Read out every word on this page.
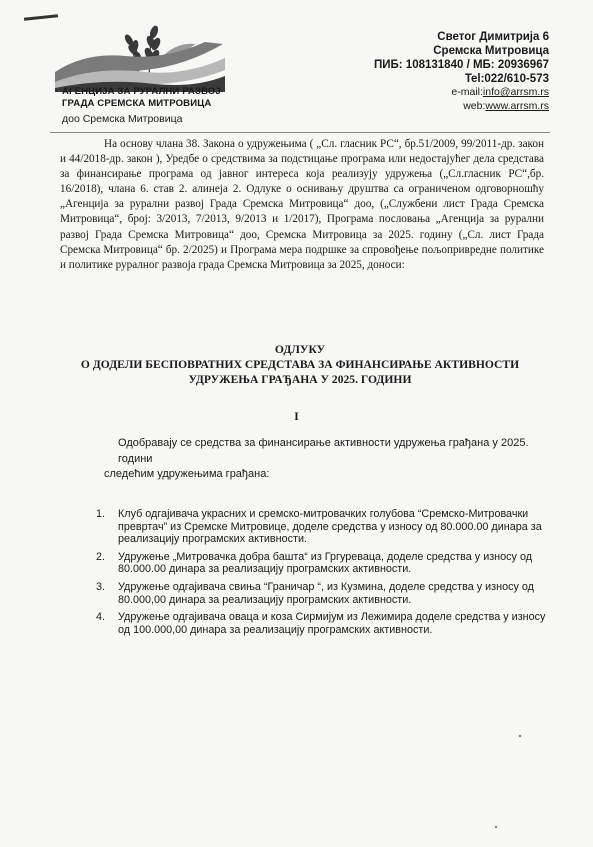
АГЕНЦИЈА ЗА РУРАЛНИ РАЗВОЈ
ГРАДА СРЕМСКА МИТРОВИЦА
доо Сремска Митровица
Светог Димитрија 6
Сремска Митровица
ПИБ: 108131840 / МБ: 20936967
Tel:022/610-573
e-mail:info@arrsm.rs
web:www.arrsm.rs
На основу члана 38. Закона о удружењима ( „Сл. гласник РС“, бр.51/2009, 99/2011-др. закон и 44/2018-др. закон ), Уредбе о средствима за подстицање програма или недостајућег дела средстава за финансирање програма од јавног интереса која реализују удружења („Сл.гласник РС“,бр. 16/2018), члана 6. став 2. алинеја 2. Одлуке о оснивању друштва са ограниченом одговорношћу „Агенција за рурални развој Града Сремска Митровица“ доо, („Службени лист Града Сремска Митровица“, број: 3/2013, 7/2013, 9/2013 и 1/2017), Програма пословања „Агенција за рурални развој Града Сремска Митровица“ доо, Сремска Митровица за 2025. годину („Сл. лист Града Сремска Митровица“ бр. 2/2025) и Програма мера подршке за спровођење пољопривредне политике и политике руралног развоја града Сремска Митровица за 2025, доноси:
ОДЛУКУ
О ДОДЕЛИ БЕСПОВРАТНИХ СРЕДСТАВА ЗА ФИНАНСИРАЊЕ АКТИВНОСТИ
УДРУЖЕЊА ГРАЂАНА У 2025. ГОДИНИ
I
Одобравају се средства за финансирање активности удружења грађана у 2025. години
следећим удружењима грађана:
1. Клуб одгајивача украсних и сремско-митровачких голубова “Сремско-Митровачки превртач” из Сремске Митровице, доделе средства у износу од 80.000.00 динара за реализацију програмских активности.
2. Удружење „Митровачка добра башта“ из Гргуреваца, доделе средства у износу од 80.000.00 динара за реализацију програмских активности.
3. Удружење одгајивача свиња “Граничар “, из Кузмина, доделе средства у износу од 80.000,00 динара за реализацију програмских активности.
4. Удружење одгајивача оваца и коза Сирмијум из Лежимира доделе средства у износу од 100.000,00 динара за реализацију програмских активности.
